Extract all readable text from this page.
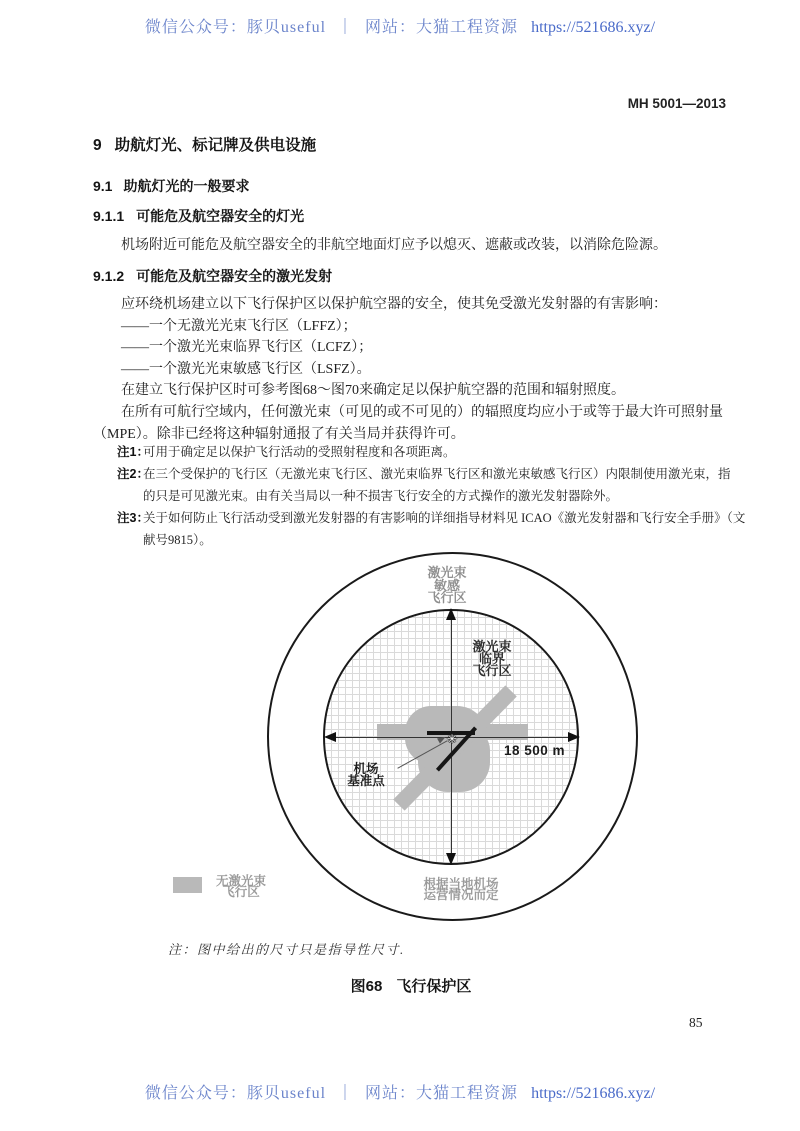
微信公众号：豚贝useful ｜ 网站：大猫工程资源 https://521686.xyz/
MH 5001—2013
9 助航灯光、标记牌及供电设施
9.1 助航灯光的一般要求
9.1.1 可能危及航空器安全的灯光
机场附近可能危及航空器安全的非航空地面灯应予以熄灭、遮蔽或改装，以消除危险源。
9.1.2 可能危及航空器安全的激光发射
应环绕机场建立以下飞行保护区以保护航空器的安全，使其免受激光发射器的有害影响：
——一个无激光光束飞行区（LFFZ）；
——一个激光光束临界飞行区（LCFZ）；
——一个激光光束敏感飞行区（LSFZ）。
在建立飞行保护区时可参考图68～图70来确定足以保护航空器的范围和辐射照度。
在所有可航行空域内，任何激光束（可见的或不可见的）的辐照度均应小于或等于最大许可照射量
（MPE）。除非已经将这种辐射通报了有关当局并获得许可。
注1：
可用于确定足以保护飞行活动的受照射程度和各项距离。
注2：
在三个受保护的飞行区（无激光束飞行区、激光束临界飞行区和激光束敏感飞行区）内限制使用激光束，指
的只是可见激光束。由有关当局以一种不损害飞行安全的方式操作的激光发射器除外。
注3：
关于如何防止飞行活动受到激光发射器的有害影响的详细指导材料见 ICAO《激光发射器和飞行安全手册》（文
献号9815）。
✳
激光束
敏感
飞行区
激光束
临界
飞行区
18 500 m
机场
基准点
无激光束
飞行区
根据当地机场
运营情况而定
注：图中给出的尺寸只是指导性尺寸.
图68 飞行保护区
85
微信公众号：豚贝useful ｜ 网站：大猫工程资源 https://521686.xyz/
